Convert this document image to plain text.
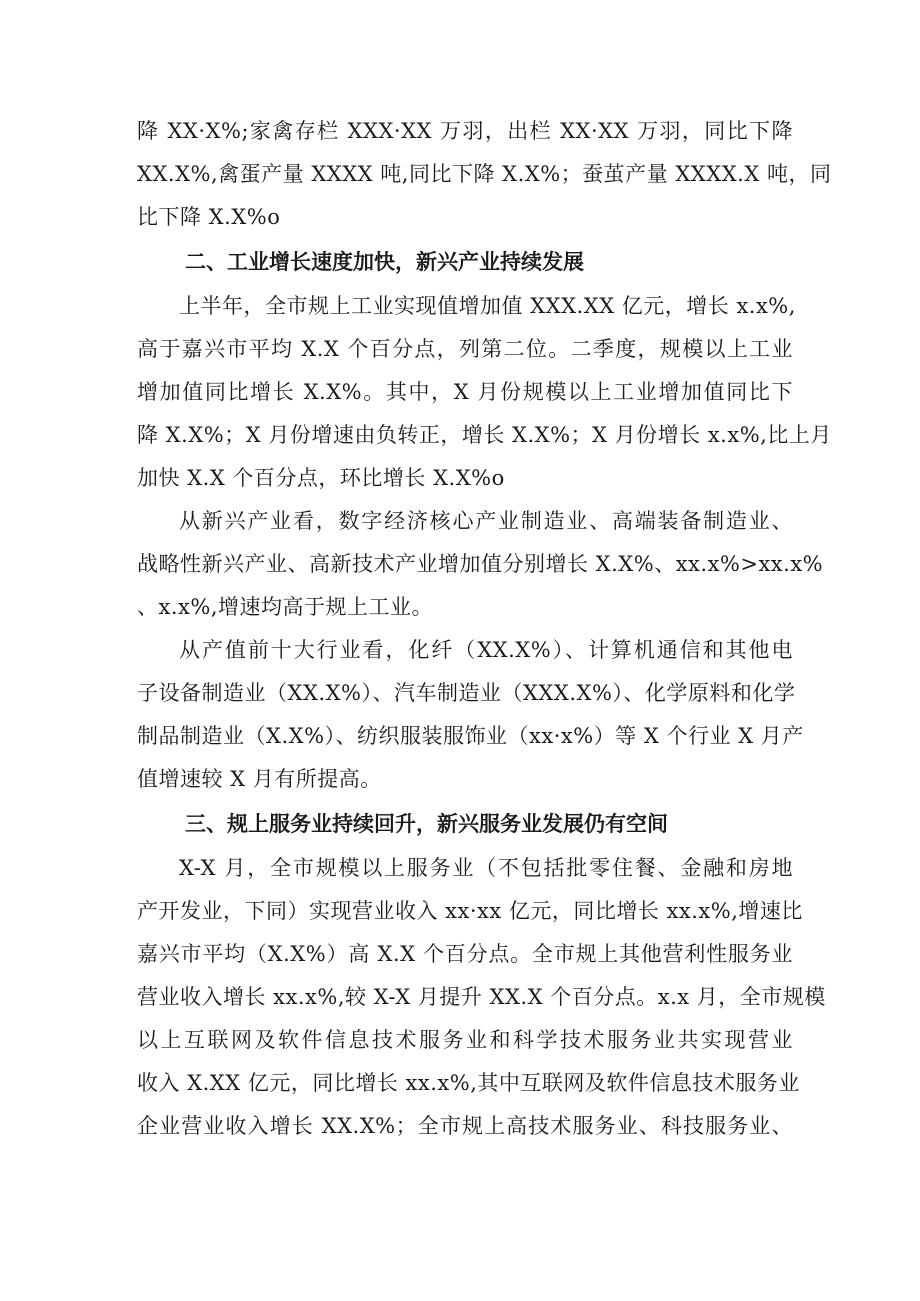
降 XX·X%;家禽存栏 XXX·XX 万羽，出栏 XX·XX 万羽，同比下降
XX.X%,禽蛋产量 XXXX 吨,同比下降 X.X%；蚕茧产量 XXXX.X 吨，同
比下降 X.X%o
二、工业增长速度加快，新兴产业持续发展
上半年，全市规上工业实现值增加值 XXX.XX 亿元，增长 x.x%,
高于嘉兴市平均 X.X 个百分点，列第二位。二季度，规模以上工业
增加值同比增长 X.X%。其中，X 月份规模以上工业增加值同比下
降 X.X%；X 月份增速由负转正，增长 X.X%；X 月份增长 x.x%,比上月
加快 X.X 个百分点，环比增长 X.X%o
从新兴产业看，数字经济核心产业制造业、高端装备制造业、
战略性新兴产业、高新技术产业增加值分别增长 X.X%、xx.x%>xx.x%
、x.x%,增速均高于规上工业。
从产值前十大行业看，化纤（XX.X%）、计算机通信和其他电
子设备制造业（XX.X%）、汽车制造业（XXX.X%）、化学原料和化学
制品制造业（X.X%）、纺织服装服饰业（xx·x%）等 X 个行业 X 月产
值增速较 X 月有所提高。
三、规上服务业持续回升，新兴服务业发展仍有空间
X-X 月，全市规模以上服务业（不包括批零住餐、金融和房地
产开发业，下同）实现营业收入 xx·xx 亿元，同比增长 xx.x%,增速比
嘉兴市平均（X.X%）高 X.X 个百分点。全市规上其他营利性服务业
营业收入增长 xx.x%,较 X-X 月提升 XX.X 个百分点。x.x 月，全市规模
以上互联网及软件信息技术服务业和科学技术服务业共实现营业
收入 X.XX 亿元，同比增长 xx.x%,其中互联网及软件信息技术服务业
企业营业收入增长 XX.X%；全市规上高技术服务业、科技服务业、
